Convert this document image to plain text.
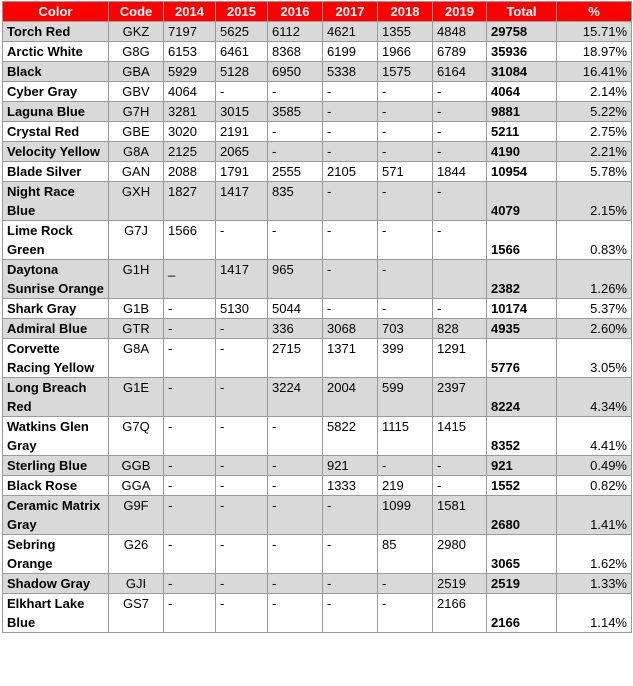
Color	Code	2014	2015	2016	2017	2018	2019	Total	%
Torch Red	GKZ	7197	5625	6112	4621	1355	4848	29758	15.71%
Arctic White	G8G	6153	6461	8368	6199	1966	6789	35936	18.97%
Black	GBA	5929	5128	6950	5338	1575	6164	31084	16.41%
Cyber Gray	GBV	4064	-	-	-	-	-	4064	2.14%
Laguna Blue	G7H	3281	3015	3585	-	-	-	9881	5.22%
Crystal Red	GBE	3020	2191	-	-	-	-	5211	2.75%
Velocity Yellow	G8A	2125	2065	-	-	-	-	4190	2.21%
Blade Silver	GAN	2088	1791	2555	2105	571	1844	10954	5.78%
Night Race Blue	GXH	1827	1417	835	-	-	-	4079	2.15%
Lime Rock Green	G7J	1566	-	-	-	-	-	1566	0.83%
Daytona Sunrise Orange	G1H	_	1417	965	-	-		2382	1.26%
Shark Gray	G1B	-	5130	5044	-	-	-	10174	5.37%
Admiral Blue	GTR	-	-	336	3068	703	828	4935	2.60%
Corvette Racing Yellow	G8A	-	-	2715	1371	399	1291	5776	3.05%
Long Breach Red	G1E	-	-	3224	2004	599	2397	8224	4.34%
Watkins Glen Gray	G7Q	-	-	-	5822	1115	1415	8352	4.41%
Sterling Blue	GGB	-	-	-	921	-	-	921	0.49%
Black Rose	GGA	-	-	-	1333	219	-	1552	0.82%
Ceramic Matrix Gray	G9F	-	-	-	-	1099	1581	2680	1.41%
Sebring Orange	G26	-	-	-	-	85	2980	3065	1.62%
Shadow Gray	GJI	-	-	-	-	-	2519	2519	1.33%
Elkhart Lake Blue	GS7	-	-	-	-	-	2166	2166	1.14%
